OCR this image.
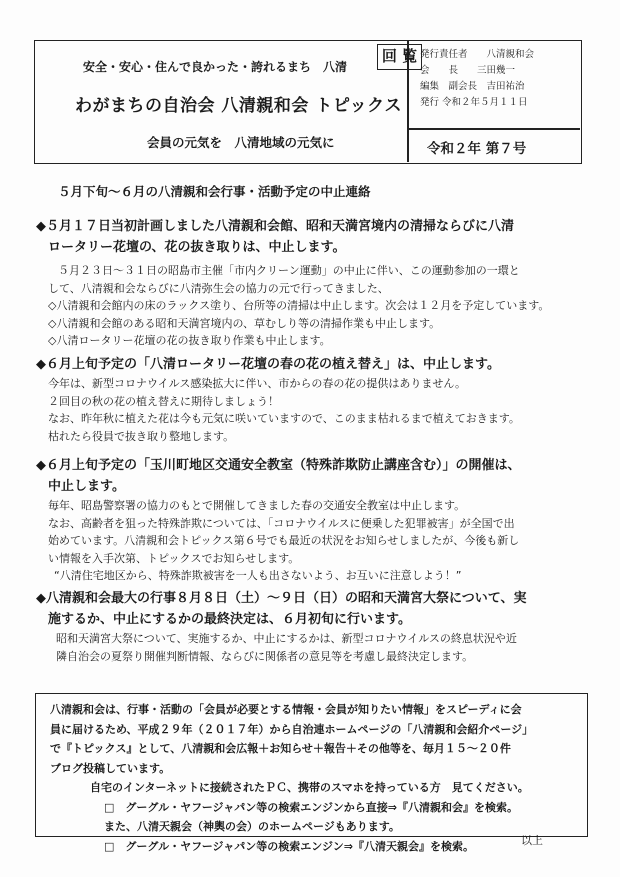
安全・安心・住んで良かった・誇れるまち　八清
わがまちの自治会 八清親和会 トピックス
会員の元気を　八清地域の元気に
回 覧 発行責任者　　八清親和会
会　　長　　三田幾一
編集　副会長　吉田祐治
発行 令和２年５月１１日
令和２年 第７号
５月下旬～６月の八清親和会行事・活動予定の中止連絡
◆５月１７日当初計画しました八清親和会館、昭和天満宮境内の清掃ならびに八清
ロータリー花壇の、花の抜き取りは、中止します。
５月２３日～３１日の昭島市主催「市内クリーン運動」の中止に伴い、この運動参加の一環と
して、八清親和会ならびに八清弥生会の協力の元で行ってきました、
◇八清親和会館内の床のラックス塗り、台所等の清掃は中止します。次会は１２月を予定しています。
◇八清親和会館のある昭和天満宮境内の、草むしり等の清掃作業も中止します。
◇八清ロータリー花壇の花の抜き取り作業も中止します。
◆６月上旬予定の「八清ロータリー花壇の春の花の植え替え」は、中止します。
今年は、新型コロナウイルス感染拡大に伴い、市からの春の花の提供はありません。
２回目の秋の花の植え替えに期待しましょう！
なお、昨年秋に植えた花は今も元気に咲いていますので、このまま枯れるまで植えておきます。
枯れたら役員で抜き取り整地します。
◆６月上旬予定の「玉川町地区交通安全教室（特殊詐欺防止講座含む）」の開催は、
中止します。
毎年、昭島警察署の協力のもとで開催してきました春の交通安全教室は中止します。
なお、高齢者を狙った特殊詐欺については、「コロナウイルスに便乗した犯罪被害」が全国で出
始めています。八清親和会トピックス第６号でも最近の状況をお知らせしましたが、今後も新し
い情報を入手次第、トピックスでお知らせします。
“八清住宅地区から、特殊詐欺被害を一人も出さないよう、お互いに注意しよう！”
◆八清親和会最大の行事８月８日（土）～９日（日）の昭和天満宮大祭について、実
施するか、中止にするかの最終決定は、６月初旬に行います。
昭和天満宮大祭について、実施するか、中止にするかは、新型コロナウイルスの終息状況や近
隣自治会の夏祭り開催判断情報、ならびに関係者の意見等を考慮し最終決定します。
八清親和会は、行事・活動の「会員が必要とする情報・会員が知りたい情報」をスピーディに会
員に届けるため、平成２９年（２０１７年）から自治連ホームページの「八清親和会紹介ページ」
で『トピックス』として、八清親和会広報＋お知らせ＋報告＋その他等を、毎月１５～２０件
ブログ投稿しています。
自宅のインターネットに接続されたＰＣ、携帯のスマホを持っている方　見てください。
□　グーグル・ヤフージャパン等の検索エンジンから直接⇒『八清親和会』を検索。
また、八清天親会（神輿の会）のホームページもあります。
□　グーグル・ヤフージャパン等の検索エンジン⇒『八清天親会』を検索。	以上
